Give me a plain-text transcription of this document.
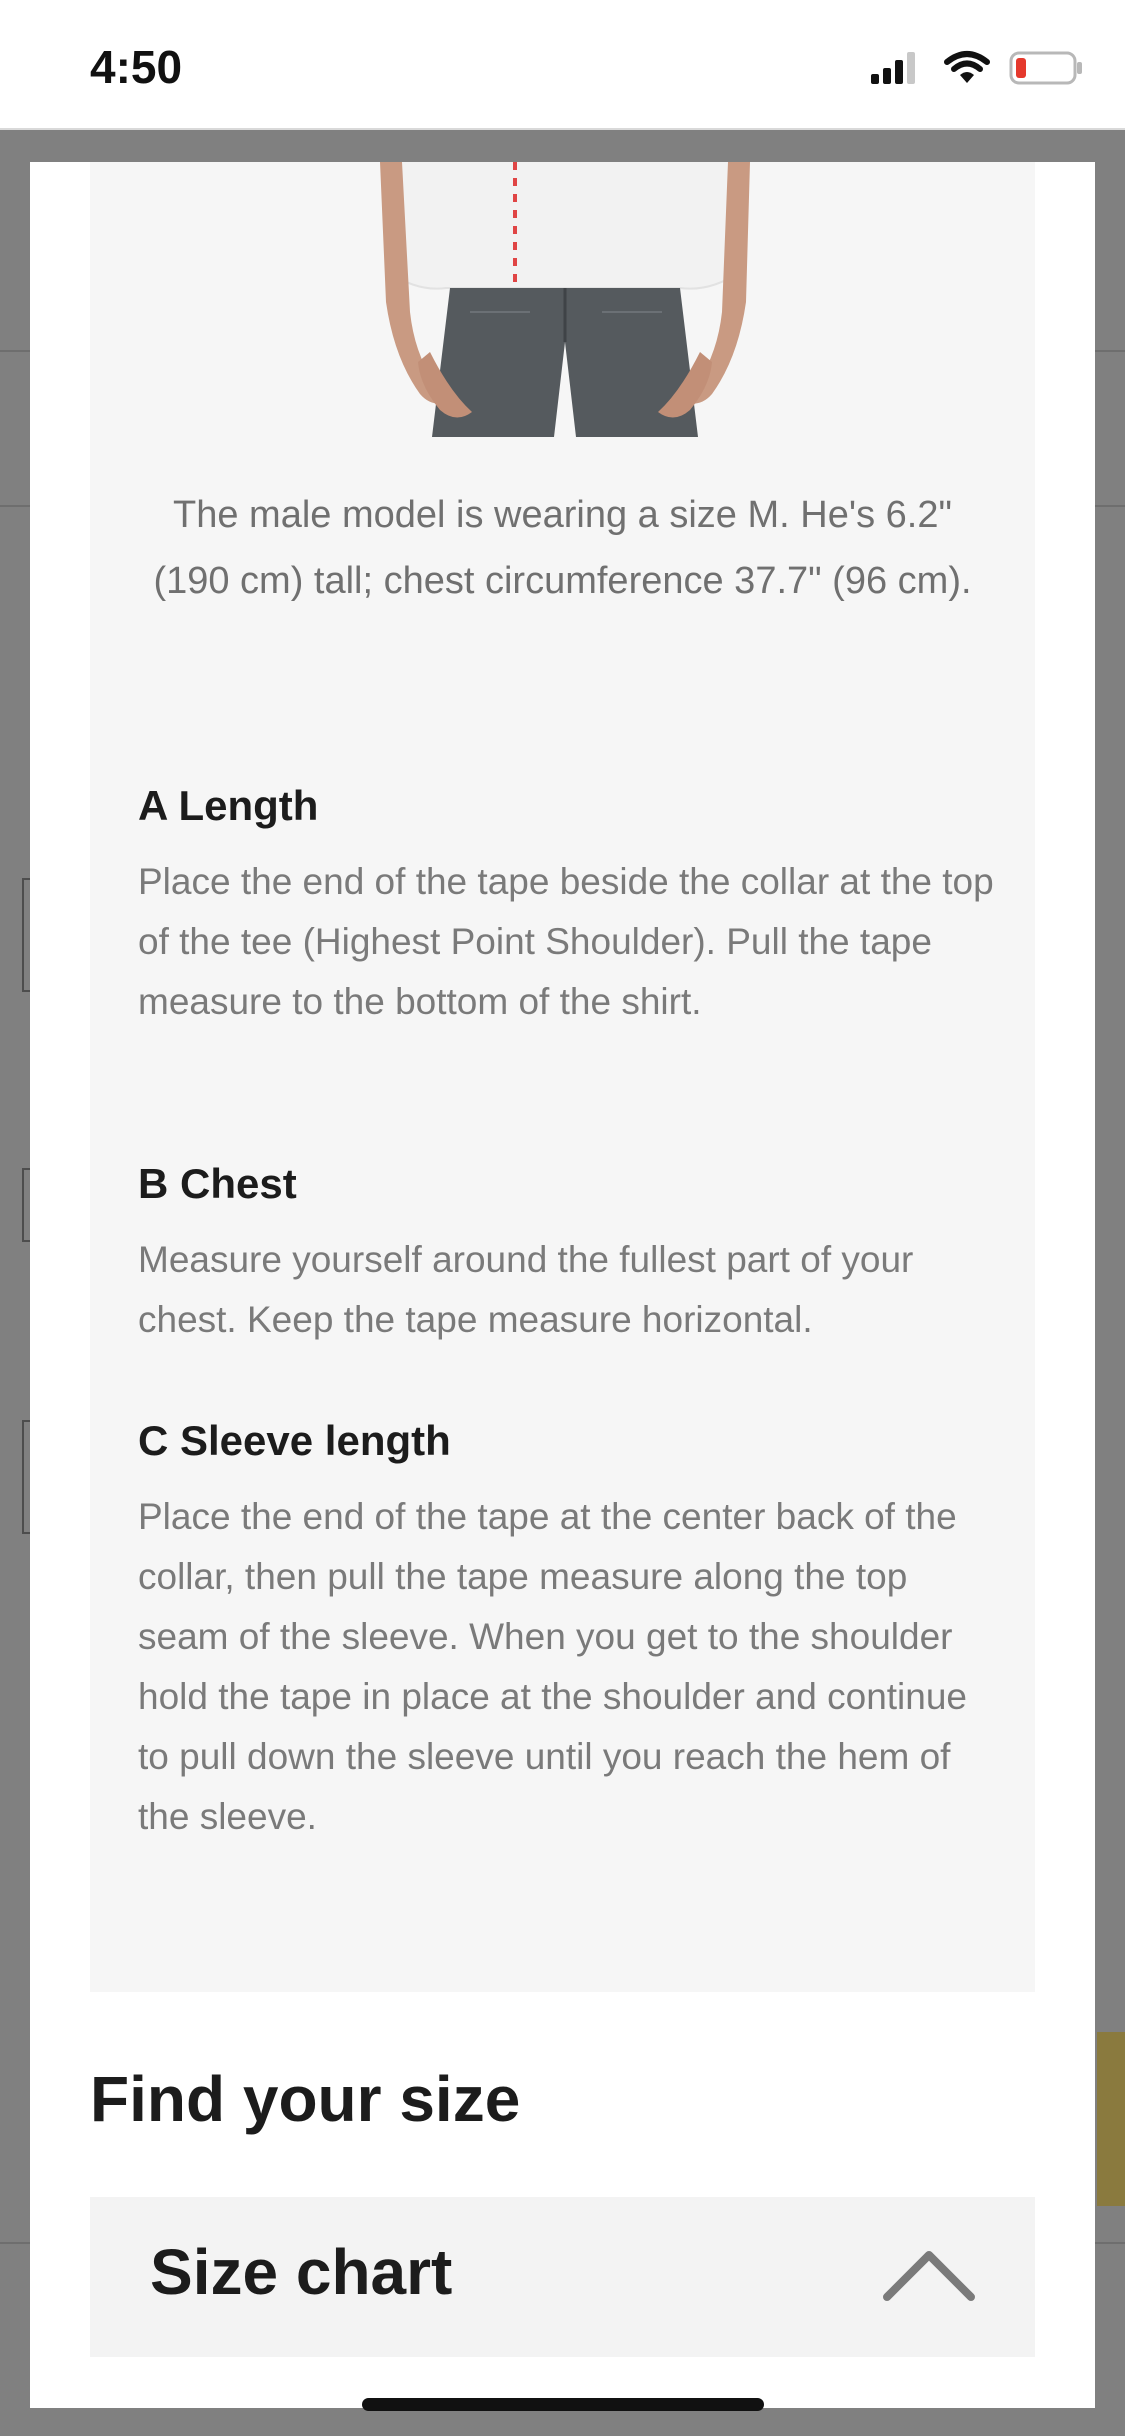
4:50
The male model is wearing a size M. He's 6.2" (190 cm) tall; chest circumference 37.7" (96 cm).
A Length

Place the end of the tape beside the collar at the top of the tee (Highest Point Shoulder). Pull the tape measure to the bottom of the shirt.

B Chest

Measure yourself around the fullest part of your chest. Keep the tape measure horizontal.

C Sleeve length

Place the end of the tape at the center back of the collar, then pull the tape measure along the top seam of the sleeve. When you get to the shoulder hold the tape in place at the shoulder and continue to pull down the sleeve until you reach the hem of the sleeve.

Find your size
Size chart
